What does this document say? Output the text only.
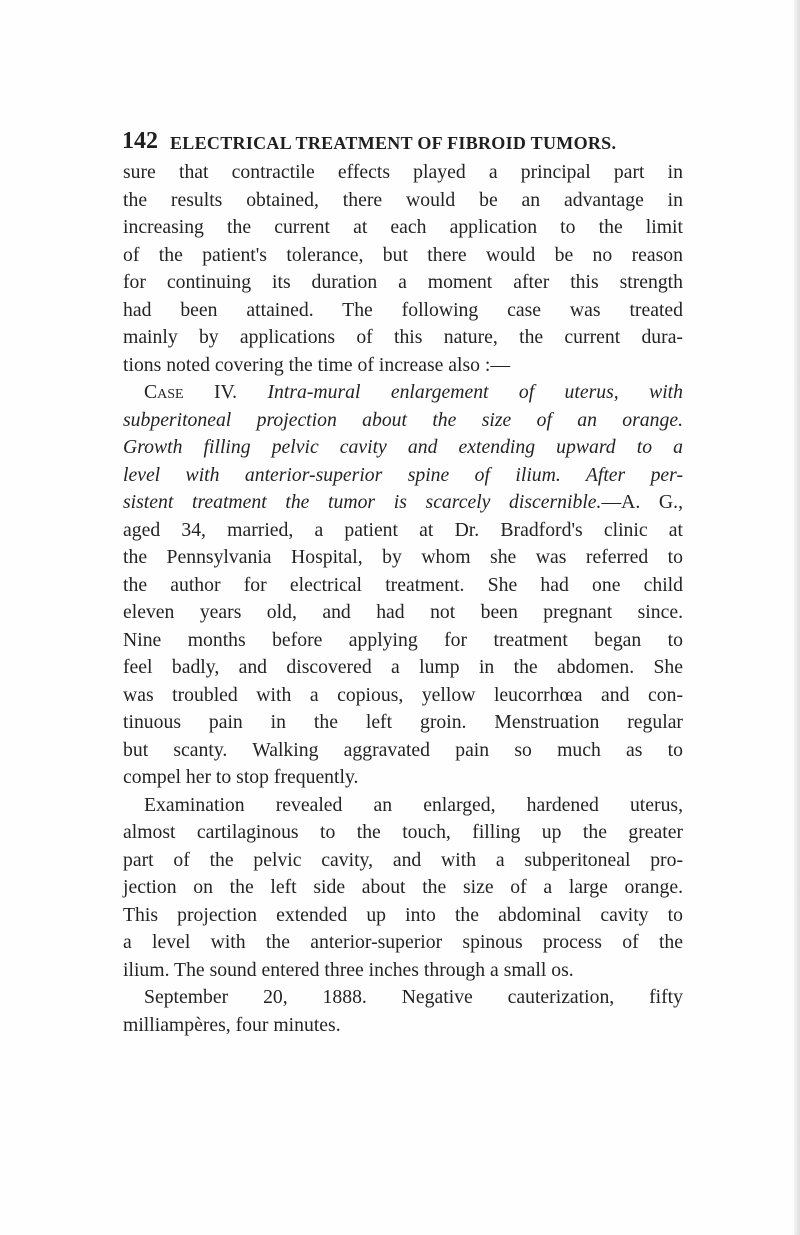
142 ELECTRICAL TREATMENT OF FIBROID TUMORS.
sure that contractile effects played a principal part in
the results obtained, there would be an advantage in
increasing the current at each application to the limit
of the patient's tolerance, but there would be no reason
for continuing its duration a moment after this strength
had been attained. The following case was treated
mainly by applications of this nature, the current dura-
tions noted covering the time of increase also :—
Case IV. Intra-mural enlargement of uterus, with
subperitoneal projection about the size of an orange.
Growth filling pelvic cavity and extending upward to a
level with anterior-superior spine of ilium. After per-
sistent treatment the tumor is scarcely discernible.—A. G.,
aged 34, married, a patient at Dr. Bradford's clinic at
the Pennsylvania Hospital, by whom she was referred to
the author for electrical treatment. She had one child
eleven years old, and had not been pregnant since.
Nine months before applying for treatment began to
feel badly, and discovered a lump in the abdomen. She
was troubled with a copious, yellow leucorrhœa and con-
tinuous pain in the left groin. Menstruation regular
but scanty. Walking aggravated pain so much as to
compel her to stop frequently.
Examination revealed an enlarged, hardened uterus,
almost cartilaginous to the touch, filling up the greater
part of the pelvic cavity, and with a subperitoneal pro-
jection on the left side about the size of a large orange.
This projection extended up into the abdominal cavity to
a level with the anterior-superior spinous process of the
ilium. The sound entered three inches through a small os.
September 20, 1888. Negative cauterization, fifty
milliampères, four minutes.
